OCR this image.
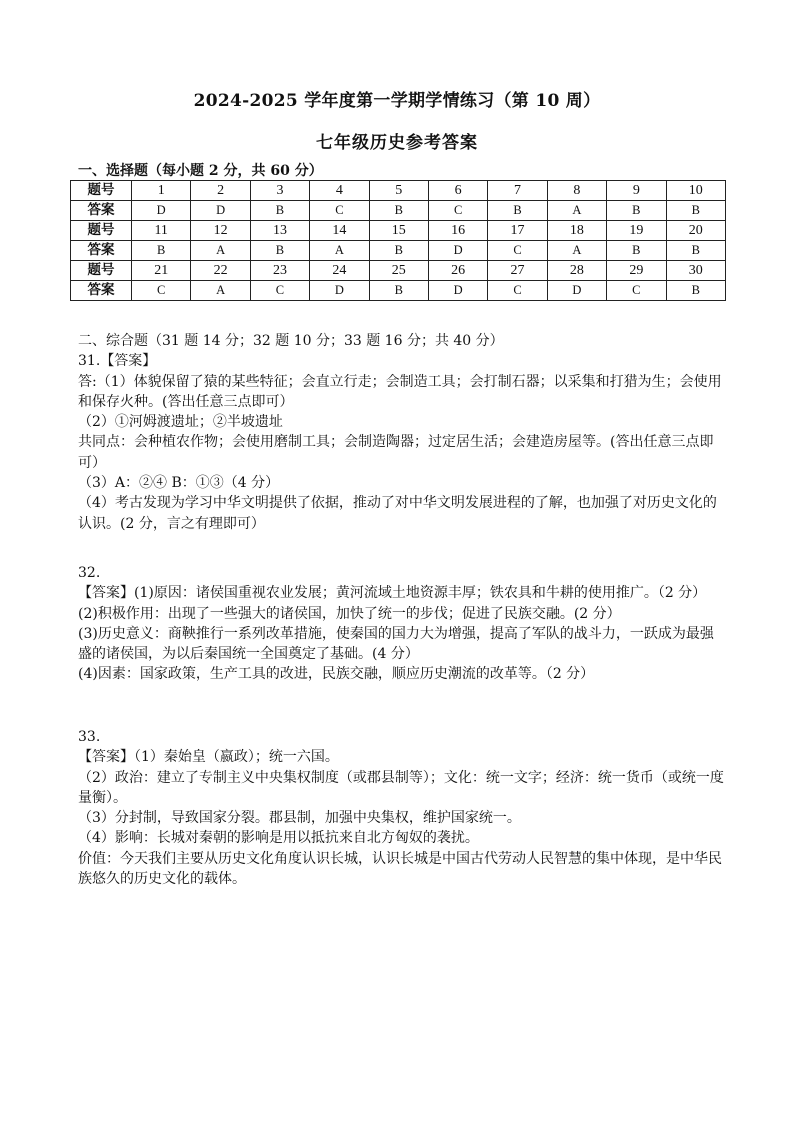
2024-2025 学年度第一学期学情练习（第 10 周）
七年级历史参考答案
一、选择题（每小题 2 分，共 60 分）
题号	1	2	3	4	5	6	7	8	9	10
答案	D	D	B	C	B	C	B	A	B	B
题号	11	12	13	14	15	16	17	18	19	20
答案	B	A	B	A	B	D	C	A	B	B
题号	21	22	23	24	25	26	27	28	29	30
答案	C	A	C	D	B	D	C	D	C	B

二、综合题（31 题 14 分；32 题 10 分；33 题 16 分；共 40 分）

31.【答案】

答:（1）体貌保留了猿的某些特征；会直立行走；会制造工具；会打制石器；以采集和打猎为生；会使用和保存火种。(答出任意三点即可）

（2）①河姆渡遗址；②半坡遗址

共同点：会种植农作物；会使用磨制工具；会制造陶器；过定居生活；会建造房屋等。(答出任意三点即可）

（3）A：②④ B：①③（4 分）

（4）考古发现为学习中华文明提供了依据，推动了对中华文明发展进程的了解，也加强了对历史文化的认识。(2 分，言之有理即可）

32.

【答案】(1)原因：诸侯国重视农业发展；黄河流域土地资源丰厚；铁农具和牛耕的使用推广。（2 分）

(2)积极作用：出现了一些强大的诸侯国，加快了统一的步伐；促进了民族交融。(2 分）

(3)历史意义：商鞅推行一系列改革措施，使秦国的国力大为增强，提高了军队的战斗力，一跃成为最强盛的诸侯国，为以后秦国统一全国奠定了基础。(4 分）

(4)因素：国家政策，生产工具的改进，民族交融，顺应历史潮流的改革等。（2 分）

33.

【答案】（1）秦始皇（嬴政）；统一六国。

（2）政治：建立了专制主义中央集权制度（或郡县制等）；文化：统一文字；经济：统一货币（或统一度量衡）。

（3）分封制，导致国家分裂。郡县制，加强中央集权，维护国家统一。

（4）影响：长城对秦朝的影响是用以抵抗来自北方匈奴的袭扰。

价值：今天我们主要从历史文化角度认识长城，认识长城是中国古代劳动人民智慧的集中体现，是中华民族悠久的历史文化的载体。
